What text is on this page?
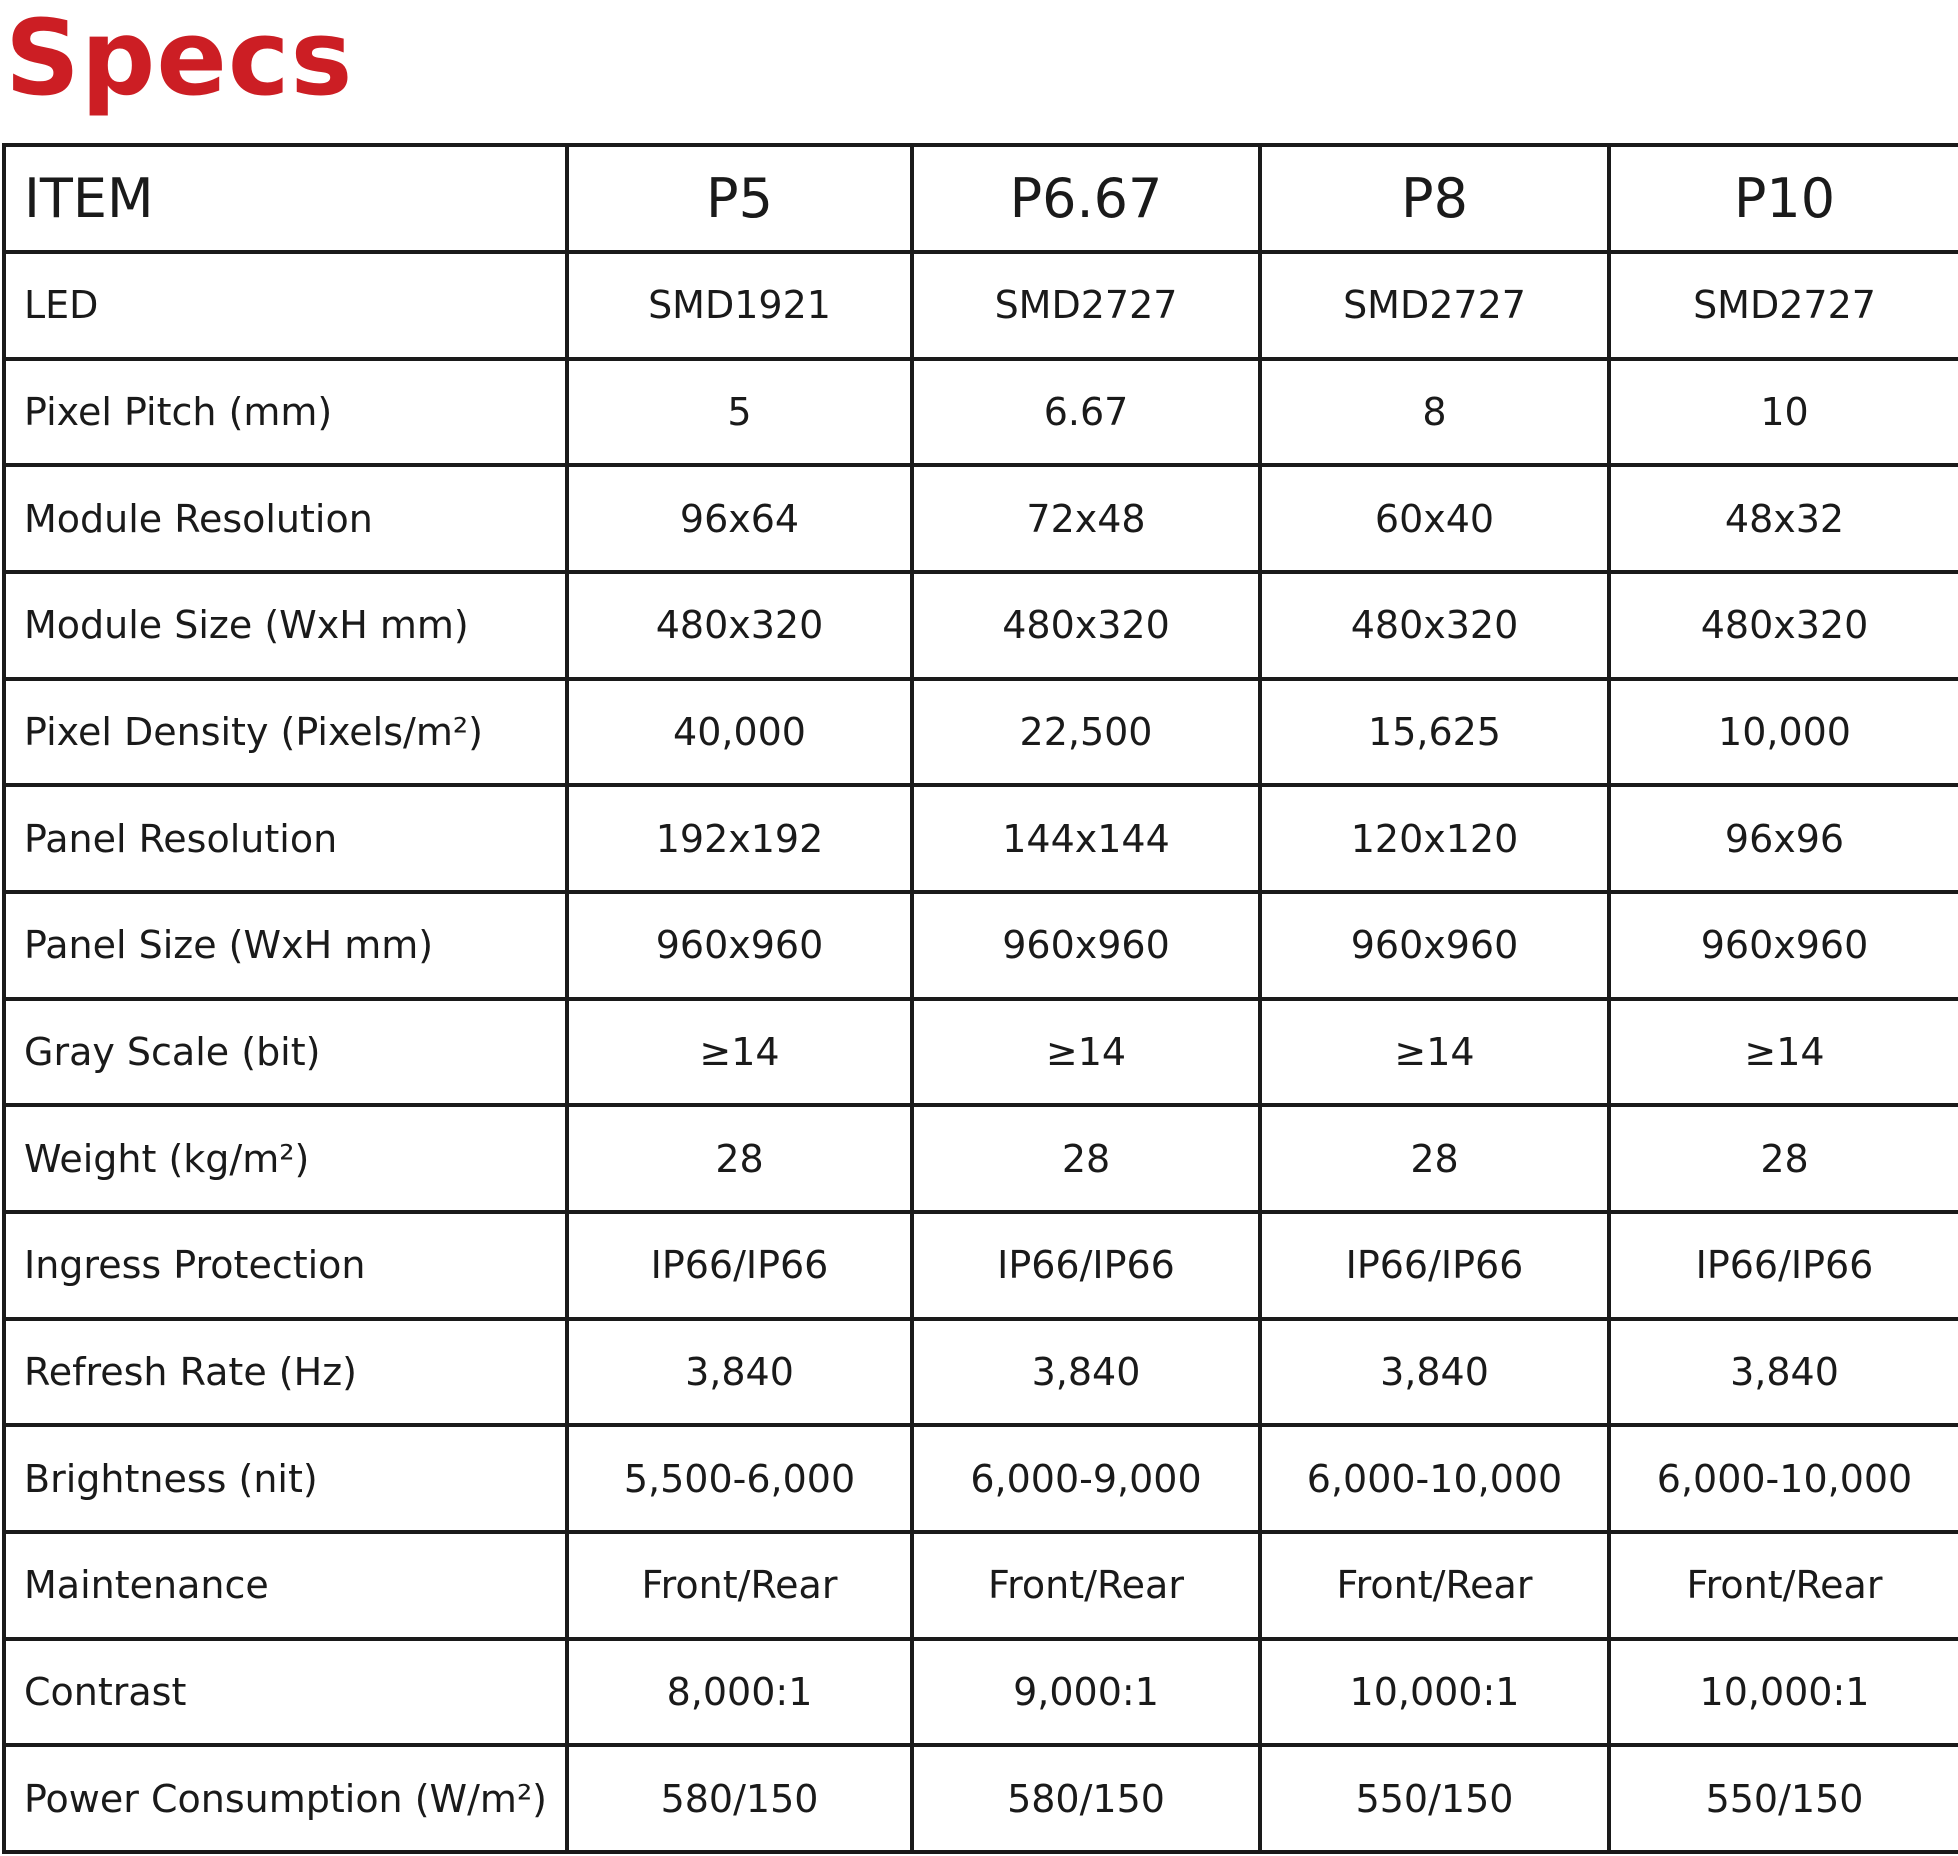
Specs
ITEM	P5	P6.67	P8	P10
LED	SMD1921	SMD2727	SMD2727	SMD2727
Pixel Pitch (mm)	5	6.67	8	10
Module Resolution	96x64	72x48	60x40	48x32
Module Size (WxH mm)	480x320	480x320	480x320	480x320
Pixel Density (Pixels/m²)	40,000	22,500	15,625	10,000
Panel Resolution	192x192	144x144	120x120	96x96
Panel Size (WxH mm)	960x960	960x960	960x960	960x960
Gray Scale (bit)	≥14	≥14	≥14	≥14
Weight (kg/m²)	28	28	28	28
Ingress Protection	IP66/IP66	IP66/IP66	IP66/IP66	IP66/IP66
Refresh Rate (Hz)	3,840	3,840	3,840	3,840
Brightness (nit)	5,500-6,000	6,000-9,000	6,000-10,000	6,000-10,000
Maintenance	Front/Rear	Front/Rear	Front/Rear	Front/Rear
Contrast	8,000:1	9,000:1	10,000:1	10,000:1
Power Consumption (W/m²)	580/150	580/150	550/150	550/150
